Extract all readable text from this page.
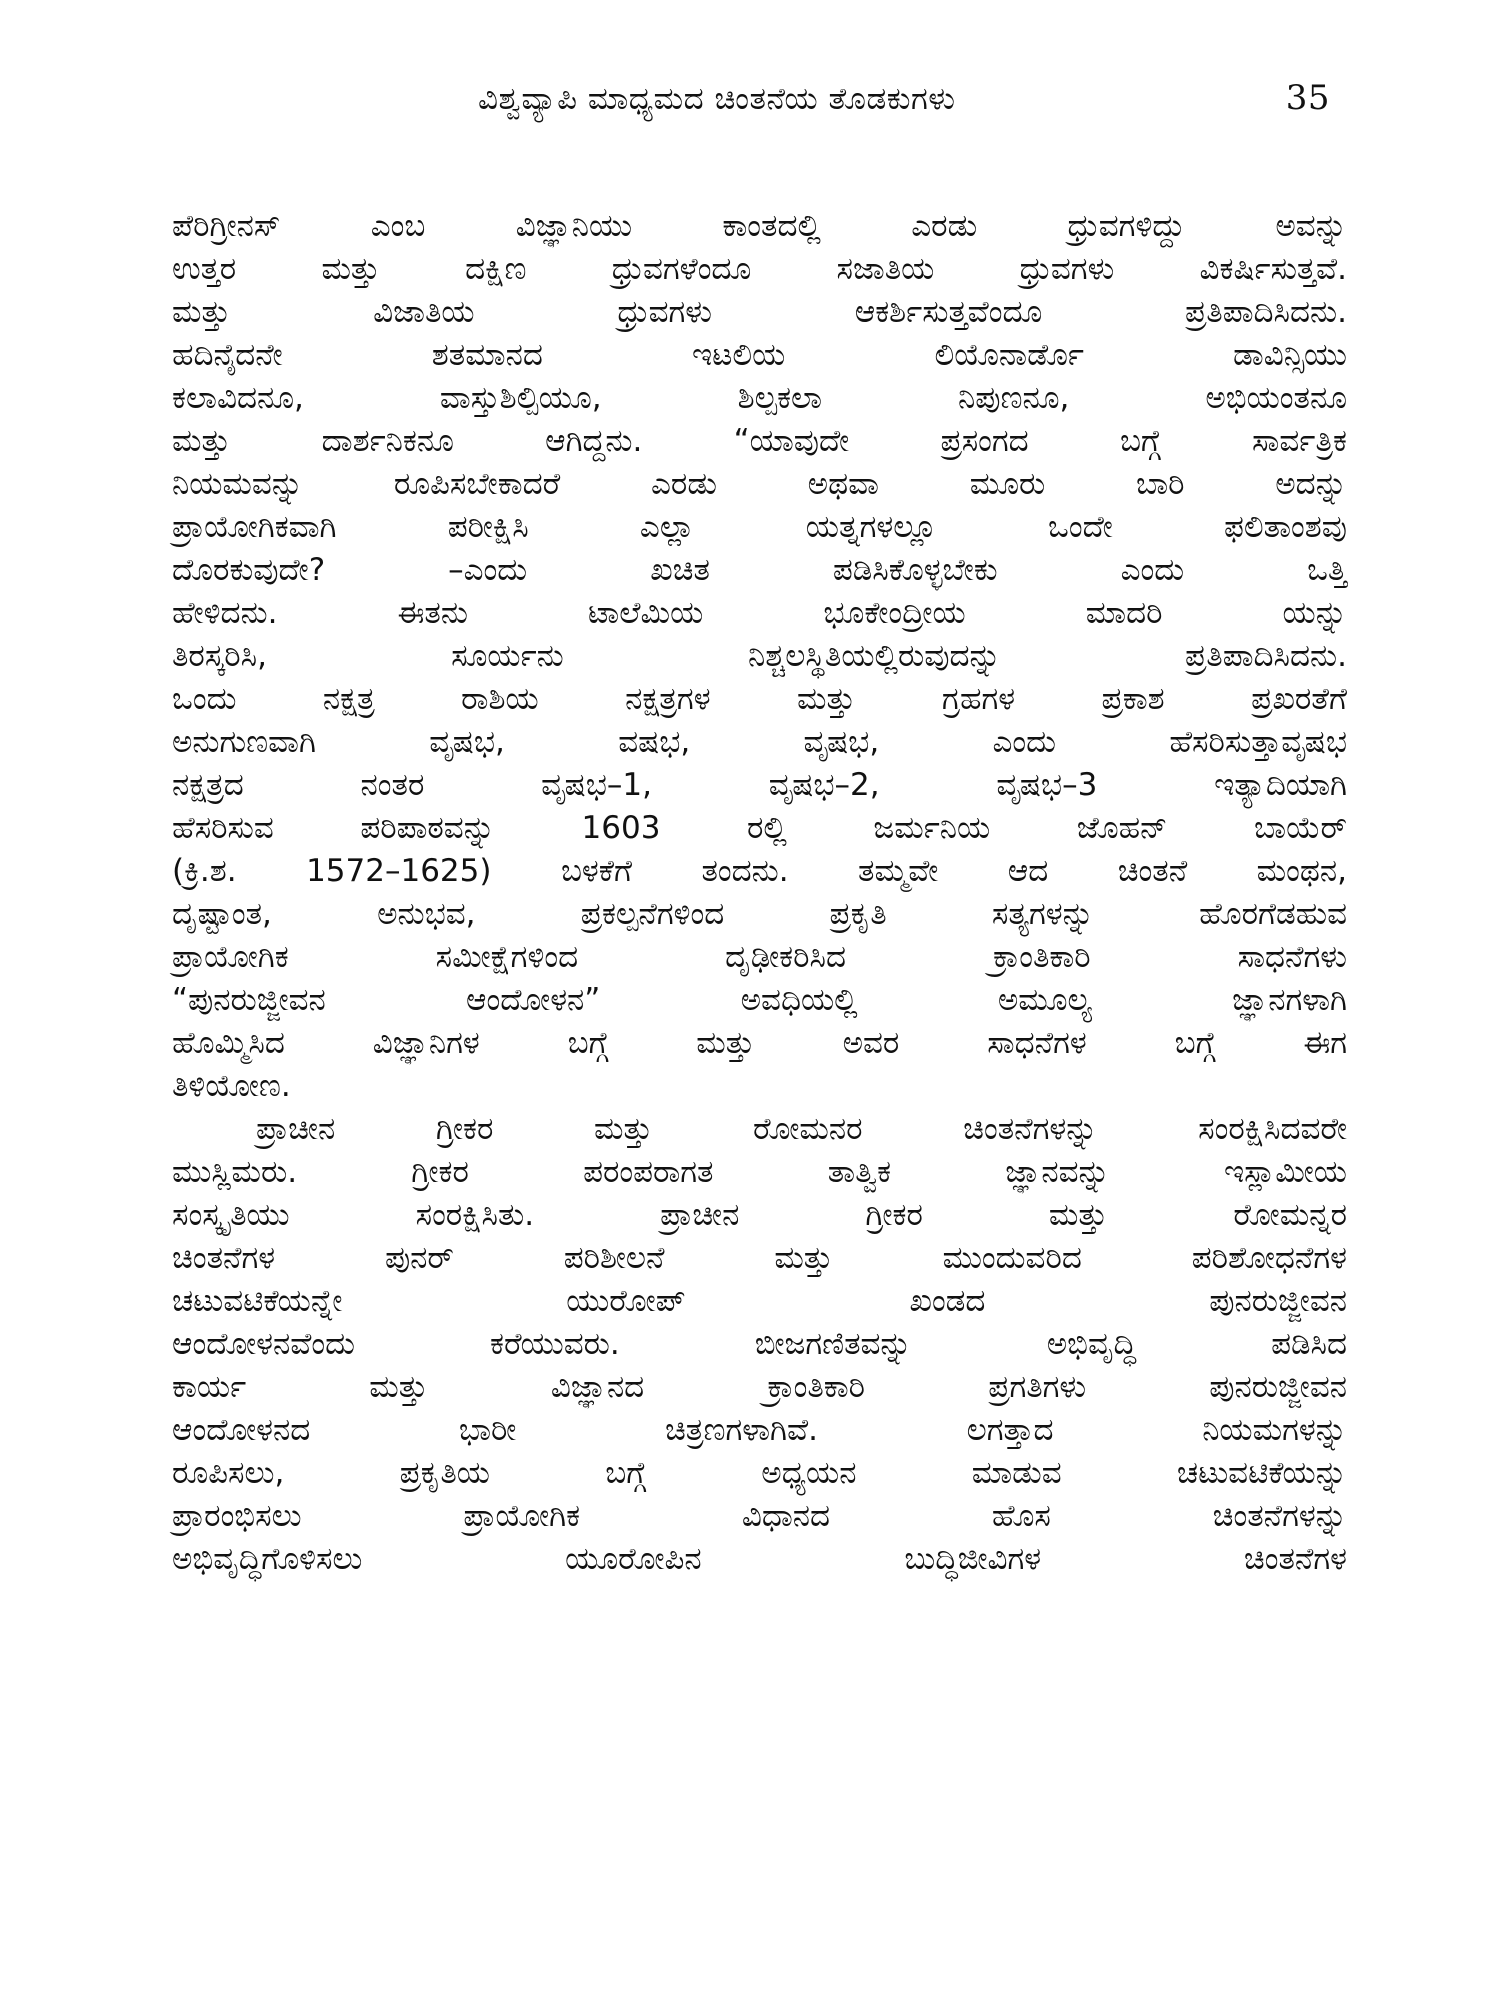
ವಿಶ್ವವ್ಯಾಪಿ ಮಾಧ್ಯಮದ ಚಿಂತನೆಯ ತೊಡಕುಗಳು	35
ಪೆರಿಗ್ರೀನಸ್ ಎಂಬ ವಿಜ್ಞಾನಿಯು ಕಾಂತದಲ್ಲಿ ಎರಡು ಧ್ರುವಗಳಿದ್ದು ಅವನ್ನು
ಉತ್ತರ ಮತ್ತು ದಕ್ಷಿಣ ಧ್ರುವಗಳೆಂದೂ ಸಜಾತಿಯ ಧ್ರುವಗಳು ವಿಕರ್ಷಿಸುತ್ತವೆ.
ಮತ್ತು ವಿಜಾತಿಯ ಧ್ರುವಗಳು ಆಕರ್ಶಿಸುತ್ತವೆಂದೂ ಪ್ರತಿಪಾದಿಸಿದನು.
ಹದಿನೈದನೇ ಶತಮಾನದ ಇಟಲಿಯ ಲಿಯೊನಾರ್ಡೊ ಡಾವಿನ್ಸಿಯು
ಕಲಾವಿದನೂ, ವಾಸ್ತುಶಿಲ್ಪಿಯೂ, ಶಿಲ್ಪಕಲಾ ನಿಪುಣನೂ, ಅಭಿಯಂತನೂ
ಮತ್ತು ದಾರ್ಶನಿಕನೂ ಆಗಿದ್ದನು. “ಯಾವುದೇ ಪ್ರಸಂಗದ ಬಗ್ಗೆ ಸಾರ್ವತ್ರಿಕ
ನಿಯಮವನ್ನು ರೂಪಿಸಬೇಕಾದರೆ ಎರಡು ಅಥವಾ ಮೂರು ಬಾರಿ ಅದನ್ನು
ಪ್ರಾಯೋಗಿಕವಾಗಿ ಪರೀಕ್ಷಿಸಿ ಎಲ್ಲಾ ಯತ್ನಗಳಲ್ಲೂ ಒಂದೇ ಫಲಿತಾಂಶವು
ದೊರಕುವುದೇ? –ಎಂದು ಖಚಿತ ಪಡಿಸಿಕೊಳ್ಳಬೇಕು ಎಂದು ಒತ್ತಿ
ಹೇಳಿದನು. ಈತನು ಟಾಲೆಮಿಯ ಭೂಕೇಂದ್ರೀಯ ಮಾದರಿ ಯನ್ನು
ತಿರಸ್ಕರಿಸಿ, ಸೂರ್ಯನು ನಿಶ್ಚಲಸ್ಥಿತಿಯಲ್ಲಿರುವುದನ್ನು ಪ್ರತಿಪಾದಿಸಿದನು.
ಒಂದು ನಕ್ಷತ್ರ ರಾಶಿಯ ನಕ್ಷತ್ರಗಳ ಮತ್ತು ಗ್ರಹಗಳ ಪ್ರಕಾಶ ಪ್ರಖರತೆಗೆ
ಅನುಗುಣವಾಗಿ ವೃಷಭ, ವಷಭ, ವೃಷಭ, ಎಂದು ಹೆಸರಿಸುತ್ತಾವೃಷಭ
ನಕ್ಷತ್ರದ ನಂತರ ವೃಷಭ–1, ವೃಷಭ–2, ವೃಷಭ–3 ಇತ್ಯಾದಿಯಾಗಿ
ಹೆಸರಿಸುವ ಪರಿಪಾಠವನ್ನು 1603 ರಲ್ಲಿ ಜರ್ಮನಿಯ ಜೊಹನ್ ಬಾಯೆರ್
(ಕ್ರಿ.ಶ. 1572–1625) ಬಳಕೆಗೆ ತಂದನು. ತಮ್ಮವೇ ಆದ ಚಿಂತನೆ ಮಂಥನ,
ದೃಷ್ಟಾಂತ, ಅನುಭವ, ಪ್ರಕಲ್ಪನೆಗಳಿಂದ ಪ್ರಕೃತಿ ಸತ್ಯಗಳನ್ನು ಹೊರಗೆಡಹುವ
ಪ್ರಾಯೋಗಿಕ ಸಮೀಕ್ಷೆಗಳಿಂದ ದೃಢೀಕರಿಸಿದ ಕ್ರಾಂತಿಕಾರಿ ಸಾಧನೆಗಳು
“ಪುನರುಜ್ಜೀವನ ಆಂದೋಳನ” ಅವಧಿಯಲ್ಲಿ ಅಮೂಲ್ಯ ಜ್ಞಾನಗಳಾಗಿ
ಹೊಮ್ಮಿಸಿದ ವಿಜ್ಞಾನಿಗಳ ಬಗ್ಗೆ ಮತ್ತು ಅವರ ಸಾಧನೆಗಳ ಬಗ್ಗೆ ಈಗ
ತಿಳಿಯೋಣ.
ಪ್ರಾಚೀನ ಗ್ರೀಕರ ಮತ್ತು ರೋಮನರ ಚಿಂತನೆಗಳನ್ನು ಸಂರಕ್ಷಿಸಿದವರೇ
ಮುಸ್ಲಿಮರು. ಗ್ರೀಕರ ಪರಂಪರಾಗತ ತಾತ್ವಿಕ ಜ್ಞಾನವನ್ನು ಇಸ್ಲಾಮೀಯ
ಸಂಸ್ಕೃತಿಯು ಸಂರಕ್ಷಿಸಿತು. ಪ್ರಾಚೀನ ಗ್ರೀಕರ ಮತ್ತು ರೋಮನ್ನರ
ಚಿಂತನೆಗಳ ಪುನರ್ ಪರಿಶೀಲನೆ ಮತ್ತು ಮುಂದುವರಿದ ಪರಿಶೋಧನೆಗಳ
ಚಟುವಟಿಕೆಯನ್ನೇ ಯುರೋಪ್ ಖಂಡದ ಪುನರುಜ್ಜೀವನ
ಆಂದೋಳನವೆಂದು ಕರೆಯುವರು. ಬೀಜಗಣಿತವನ್ನು ಅಭಿವೃದ್ಧಿ ಪಡಿಸಿದ
ಕಾರ್ಯ ಮತ್ತು ವಿಜ್ಞಾನದ ಕ್ರಾಂತಿಕಾರಿ ಪ್ರಗತಿಗಳು ಪುನರುಜ್ಜೀವನ
ಆಂದೋಳನದ ಭಾರೀ ಚಿತ್ರಣಗಳಾಗಿವೆ. ಲಗತ್ತಾದ ನಿಯಮಗಳನ್ನು
ರೂಪಿಸಲು, ಪ್ರಕೃತಿಯ ಬಗ್ಗೆ ಅಧ್ಯಯನ ಮಾಡುವ ಚಟುವಟಿಕೆಯನ್ನು
ಪ್ರಾರಂಭಿಸಲು ಪ್ರಾಯೋಗಿಕ ವಿಧಾನದ ಹೊಸ ಚಿಂತನೆಗಳನ್ನು
ಅಭಿವೃದ್ಧಿಗೊಳಿಸಲು ಯೂರೋಪಿನ ಬುದ್ಧಿಜೀವಿಗಳ ಚಿಂತನೆಗಳ
